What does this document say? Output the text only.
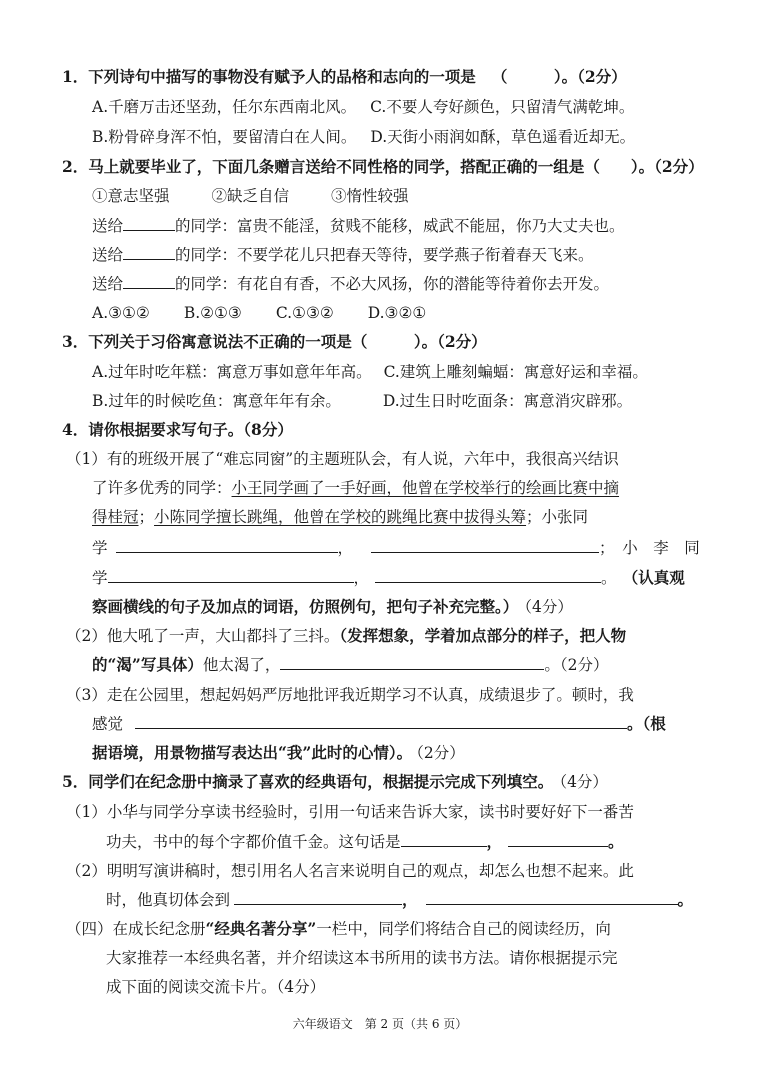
1．下列诗句中描写的事物没有赋予人的品格和志向的一项是 （　　　）。（2分）
A.千磨万击还坚劲，任尔东西南北风。 C.不要人夸好颜色，只留清气满乾坤。
B.粉骨碎身浑不怕，要留清白在人间。 D.天街小雨润如酥，草色遥看近却无。
2．马上就要毕业了，下面几条赠言送给不同性格的同学，搭配正确的一组是（　　）。（2分）
①意志坚强	②缺乏自信	③惰性较强
送给	的同学：富贵不能淫，贫贱不能移，威武不能屈，你乃大丈夫也。
送给	的同学：不要学花儿只把春天等待，要学燕子衔着春天飞来。
送给	的同学：有花自有香，不必大风扬，你的潜能等待着你去开发。
A.③①② B.②①③ C.①③② D.③②①
3．下列关于习俗寓意说法不正确的一项是（　　　）。（2分）
A.过年时吃年糕：寓意万事如意年年高。 C.建筑上雕刻蝙蝠：寓意好运和幸福。
B.过年的时候吃鱼：寓意年年有余。	D.过生日时吃面条：寓意消灾辟邪。
4．请你根据要求写句子。（8分）
（1）有的班级开展了“难忘同窗”的主题班队会，有人说，六年中，我很高兴结识
了许多优秀的同学：小王同学画了一手好画，他曾在学校举行的绘画比赛中摘
得桂冠；小陈同学擅长跳绳，他曾在学校的跳绳比赛中拔得头筹；小张同
学	，	；　小　李　同
学	，	。 （认真观
察画横线的句子及加点的词语，仿照例句，把句子补充完整。） （4分）
（2）他大吼了一声，大山都抖了三抖。（发挥想象，学着加点部分的样子，把人物
的“渴”写具体）他太渴了，	。（2分）
（3）走在公园里，想起妈妈严厉地批评我近期学习不认真，成绩退步了。顿时，我
感觉	。（根
据语境，用景物描写表达出“我”此时的心情）。 （2分）
5．同学们在纪念册中摘录了喜欢的经典语句，根据提示完成下列填空。 （4分）
（1）小华与同学分享读书经验时，引用一句话来告诉大家，读书时要好好下一番苦
功夫，书中的每个字都价值千金。这句话是	，	。
（2）明明写演讲稿时，想引用名人名言来说明自己的观点，却怎么也想不起来。此
时，他真切体会到	，	。
（四）在成长纪念册“经典名著分享”一栏中，同学们将结合自己的阅读经历，向
大家推荐一本经典名著，并介绍读这本书所用的读书方法。请你根据提示完
成下面的阅读交流卡片。（4分）
六年级语文　第 2 页（共 6 页）
